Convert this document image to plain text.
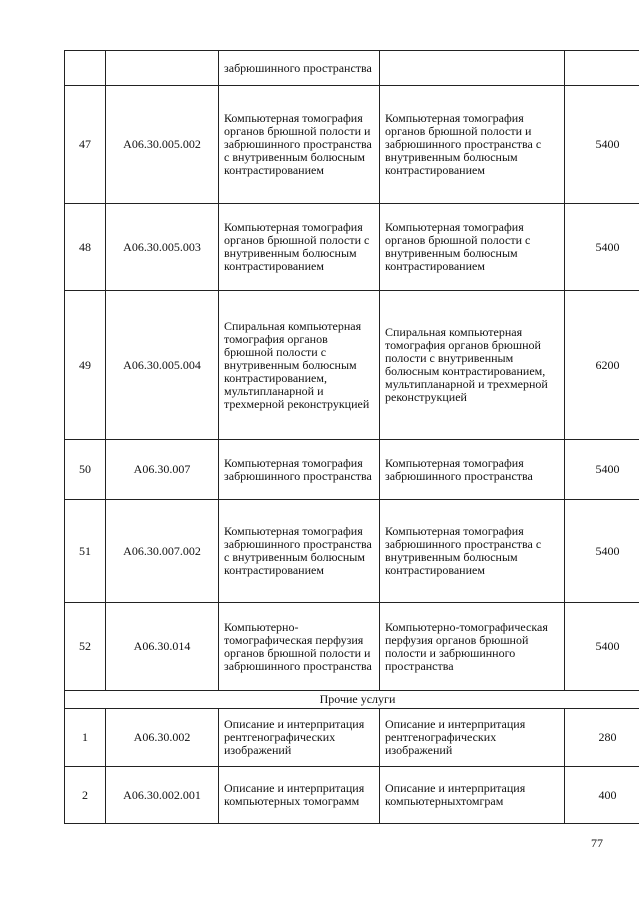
		забрюшинного пространства		
47	A06.30.005.002	Компьютерная томография органов брюшной полости и забрюшинного пространства с внутривенным болюсным контрастированием	Компьютерная томография органов брюшной полости и забрюшинного пространства с внутривенным болюсным контрастированием	5400
48	A06.30.005.003	Компьютерная томография органов брюшной полости с внутривенным болюсным контрастированием	Компьютерная томография органов брюшной полости с внутривенным болюсным контрастированием	5400
49	A06.30.005.004	Спиральная компьютерная томография органов брюшной полости с внутривенным болюсным контрастированием, мультипланарной и трехмерной реконструкцией	Спиральная компьютерная томография органов брюшной полости с внутривенным болюсным контрастированием, мультипланарной и трехмерной реконструкцией	6200
50	A06.30.007	Компьютерная томография забрюшинного пространства	Компьютерная томография забрюшинного пространства	5400
51	A06.30.007.002	Компьютерная томография забрюшинного пространства с внутривенным болюсным контрастированием	Компьютерная томография забрюшинного пространства с внутривенным болюсным контрастированием	5400
52	A06.30.014	Компьютерно-томографическая перфузия органов брюшной полости и забрюшинного пространства	Компьютерно-томографическая перфузия органов брюшной полости и забрюшинного пространства	5400
Прочие услуги				
1	A06.30.002	Описание и интерпритация рентгенографических изображений	Описание и интерпритация рентгенографических изображений	280
2	A06.30.002.001	Описание и интерпритация компьютерных томограмм	Описание и интерпритация компьютерныхтомграм	400
77
